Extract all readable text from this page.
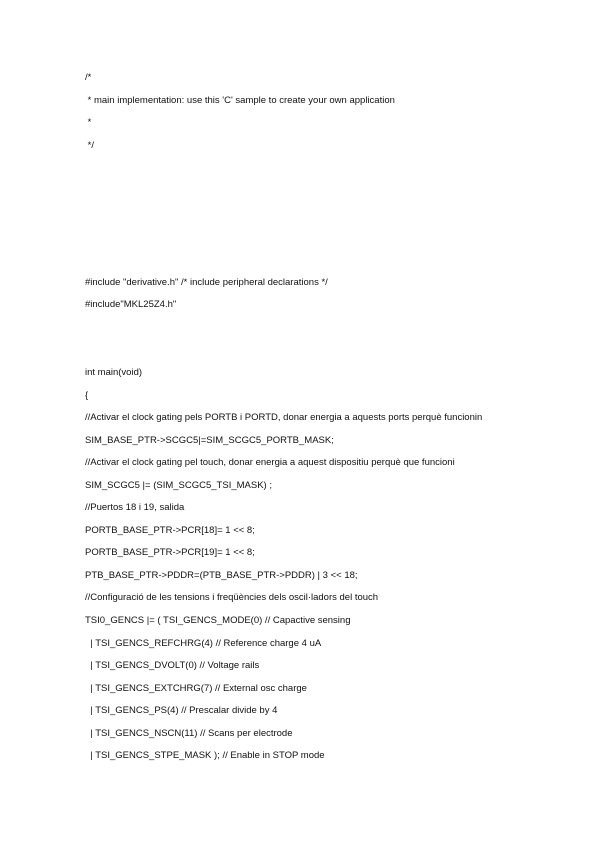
/*
* main implementation: use this 'C' sample to create your own application
*
*/
#include "derivative.h" /* include peripheral declarations */
#include"MKL25Z4.h"
int main(void)
{
//Activar el clock gating pels PORTB i PORTD, donar energia a aquests ports perquè funcionin
SIM_BASE_PTR->SCGC5|=SIM_SCGC5_PORTB_MASK;
//Activar el clock gating pel touch, donar energia a aquest dispositiu perquè que funcioni
SIM_SCGC5 |= (SIM_SCGC5_TSI_MASK) ;
//Puertos 18 i 19, salida
PORTB_BASE_PTR->PCR[18]= 1 << 8;
PORTB_BASE_PTR->PCR[19]= 1 << 8;
PTB_BASE_PTR->PDDR=(PTB_BASE_PTR->PDDR) | 3 << 18;
//Configuració de les tensions i freqüències dels oscil·ladors del touch
TSI0_GENCS |= ( TSI_GENCS_MODE(0) // Capactive sensing
| TSI_GENCS_REFCHRG(4) // Reference charge 4 uA
| TSI_GENCS_DVOLT(0) // Voltage rails
| TSI_GENCS_EXTCHRG(7) // External osc charge
| TSI_GENCS_PS(4) // Prescalar divide by 4
| TSI_GENCS_NSCN(11) // Scans per electrode
| TSI_GENCS_STPE_MASK ); // Enable in STOP mode
